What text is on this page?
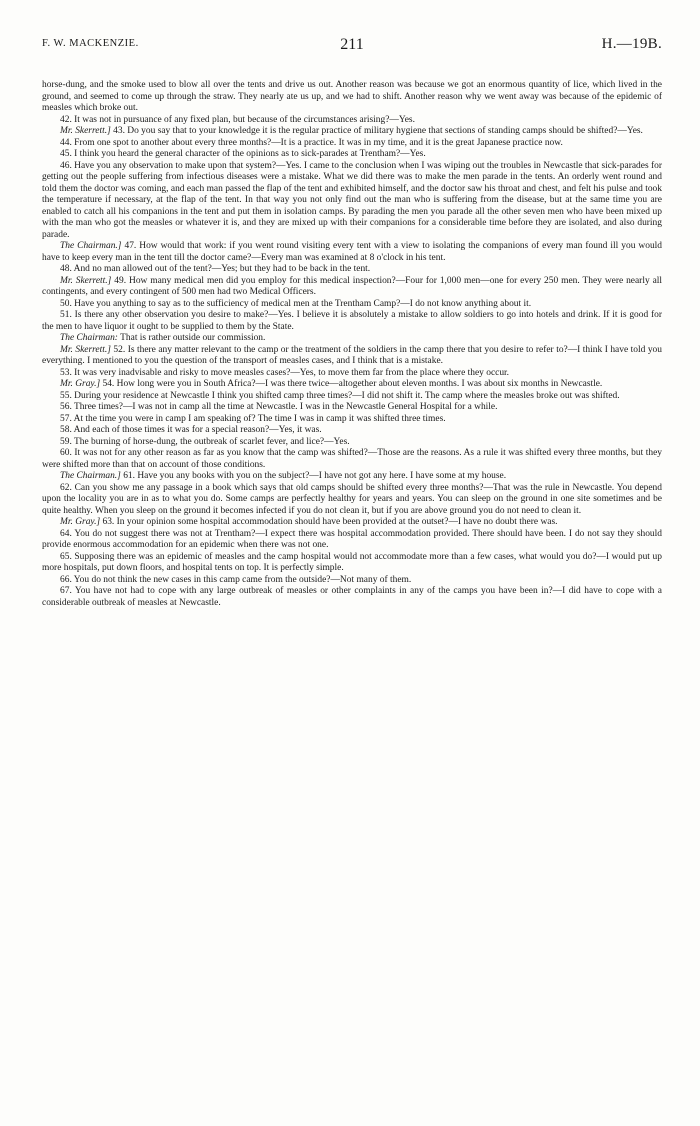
F. W. MACKENZIE.	211	H.—19B.

horse-dung, and the smoke used to blow all over the tents and drive us out. Another reason was because we got an enormous quantity of lice, which lived in the ground, and seemed to come up through the straw. They nearly ate us up, and we had to shift. Another reason why we went away was because of the epidemic of measles which broke out.

42. It was not in pursuance of any fixed plan, but because of the circumstances arising?—Yes.

Mr. Skerrett.] 43. Do you say that to your knowledge it is the regular practice of military hygiene that sections of standing camps should be shifted?—Yes.

44. From one spot to another about every three months?—It is a practice. It was in my time, and it is the great Japanese practice now.

45. I think you heard the general character of the opinions as to sick-parades at Trentham?—Yes.

46. Have you any observation to make upon that system?—Yes. I came to the conclusion when I was wiping out the troubles in Newcastle that sick-parades for getting out the people suffering from infectious diseases were a mistake. What we did there was to make the men parade in the tents. An orderly went round and told them the doctor was coming, and each man passed the flap of the tent and exhibited himself, and the doctor saw his throat and chest, and felt his pulse and took the temperature if necessary, at the flap of the tent. In that way you not only find out the man who is suffering from the disease, but at the same time you are enabled to catch all his companions in the tent and put them in isolation camps. By parading the men you parade all the other seven men who have been mixed up with the man who got the measles or whatever it is, and they are mixed up with their companions for a considerable time before they are isolated, and also during parade.

The Chairman.] 47. How would that work: if you went round visiting every tent with a view to isolating the companions of every man found ill you would have to keep every man in the tent till the doctor came?—Every man was examined at 8 o'clock in his tent.

48. And no man allowed out of the tent?—Yes; but they had to be back in the tent.

Mr. Skerrett.] 49. How many medical men did you employ for this medical inspection?—Four for 1,000 men—one for every 250 men. They were nearly all contingents, and every contingent of 500 men had two Medical Officers.

50. Have you anything to say as to the sufficiency of medical men at the Trentham Camp?—I do not know anything about it.

51. Is there any other observation you desire to make?—Yes. I believe it is absolutely a mistake to allow soldiers to go into hotels and drink. If it is good for the men to have liquor it ought to be supplied to them by the State.

The Chairman: That is rather outside our commission.

Mr. Skerrett.] 52. Is there any matter relevant to the camp or the treatment of the soldiers in the camp there that you desire to refer to?—I think I have told you everything. I mentioned to you the question of the transport of measles cases, and I think that is a mistake.

53. It was very inadvisable and risky to move measles cases?—Yes, to move them far from the place where they occur.

Mr. Gray.] 54. How long were you in South Africa?—I was there twice—altogether about eleven months. I was about six months in Newcastle.

55. During your residence at Newcastle I think you shifted camp three times?—I did not shift it. The camp where the measles broke out was shifted.

56. Three times?—I was not in camp all the time at Newcastle. I was in the Newcastle General Hospital for a while.

57. At the time you were in camp I am speaking of? The time I was in camp it was shifted three times.

58. And each of those times it was for a special reason?—Yes, it was.

59. The burning of horse-dung, the outbreak of scarlet fever, and lice?—Yes.

60. It was not for any other reason as far as you know that the camp was shifted?—Those are the reasons. As a rule it was shifted every three months, but they were shifted more than that on account of those conditions.

The Chairman.] 61. Have you any books with you on the subject?—I have not got any here. I have some at my house.

62. Can you show me any passage in a book which says that old camps should be shifted every three months?—That was the rule in Newcastle. You depend upon the locality you are in as to what you do. Some camps are perfectly healthy for years and years. You can sleep on the ground in one site sometimes and be quite healthy. When you sleep on the ground it becomes infected if you do not clean it, but if you are above ground you do not need to clean it.

Mr. Gray.] 63. In your opinion some hospital accommodation should have been provided at the outset?—I have no doubt there was.

64. You do not suggest there was not at Trentham?—I expect there was hospital accommodation provided. There should have been. I do not say they should provide enormous accommodation for an epidemic when there was not one.

65. Supposing there was an epidemic of measles and the camp hospital would not accommodate more than a few cases, what would you do?—I would put up more hospitals, put down floors, and hospital tents on top. It is perfectly simple.

66. You do not think the new cases in this camp came from the outside?—Not many of them.

67. You have not had to cope with any large outbreak of measles or other complaints in any of the camps you have been in?—I did have to cope with a considerable outbreak of measles at Newcastle.
